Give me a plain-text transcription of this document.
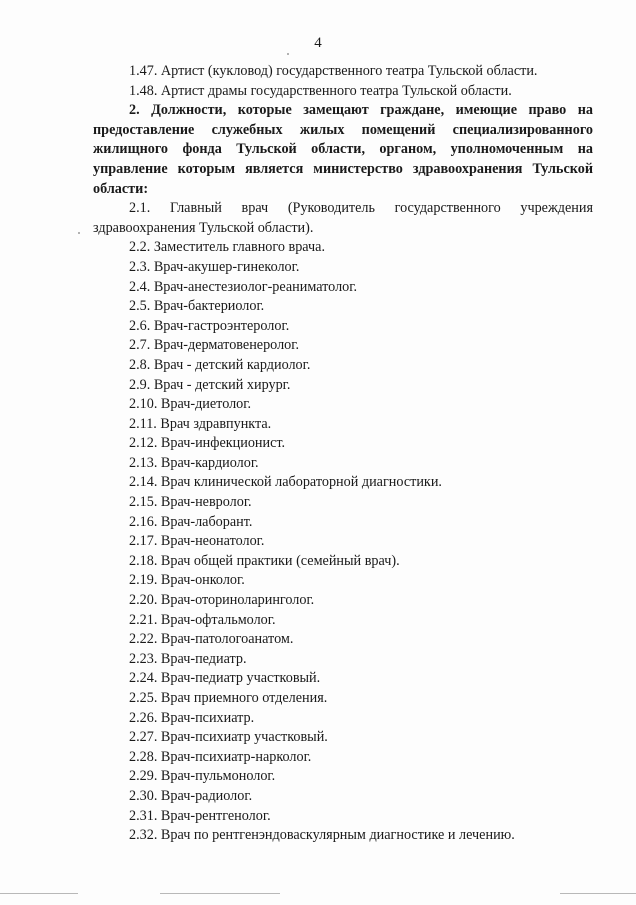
4

1.47. Артист (кукловод) государственного театра Тульской области.

1.48. Артист драмы государственного театра Тульской области.

2. Должности, которые замещают граждане, имеющие право на предоставление служебных жилых помещений специализированного жилищного фонда Тульской области, органом, уполномоченным на управление которым является министерство здравоохранения Тульской области:

2.1. Главный врач (Руководитель государственного учреждения здравоохранения Тульской области).

2.2. Заместитель главного врача.
2.3. Врач-акушер-гинеколог.
2.4. Врач-анестезиолог-реаниматолог.
2.5. Врач-бактериолог.
2.6. Врач-гастроэнтеролог.
2.7. Врач-дерматовенеролог.
2.8. Врач - детский кардиолог.
2.9. Врач - детский хирург.
2.10. Врач-диетолог.
2.11. Врач здравпункта.
2.12. Врач-инфекционист.
2.13. Врач-кардиолог.
2.14. Врач клинической лабораторной диагностики.
2.15. Врач-невролог.
2.16. Врач-лаборант.
2.17. Врач-неонатолог.
2.18. Врач общей практики (семейный врач).
2.19. Врач-онколог.
2.20. Врач-оториноларинголог.
2.21. Врач-офтальмолог.
2.22. Врач-патологоанатом.
2.23. Врач-педиатр.
2.24. Врач-педиатр участковый.
2.25. Врач приемного отделения.
2.26. Врач-психиатр.
2.27. Врач-психиатр участковый.
2.28. Врач-психиатр-нарколог.
2.29. Врач-пульмонолог.
2.30. Врач-радиолог.
2.31. Врач-рентгенолог.
2.32. Врач по рентгенэндоваскулярным диагностике и лечению.
